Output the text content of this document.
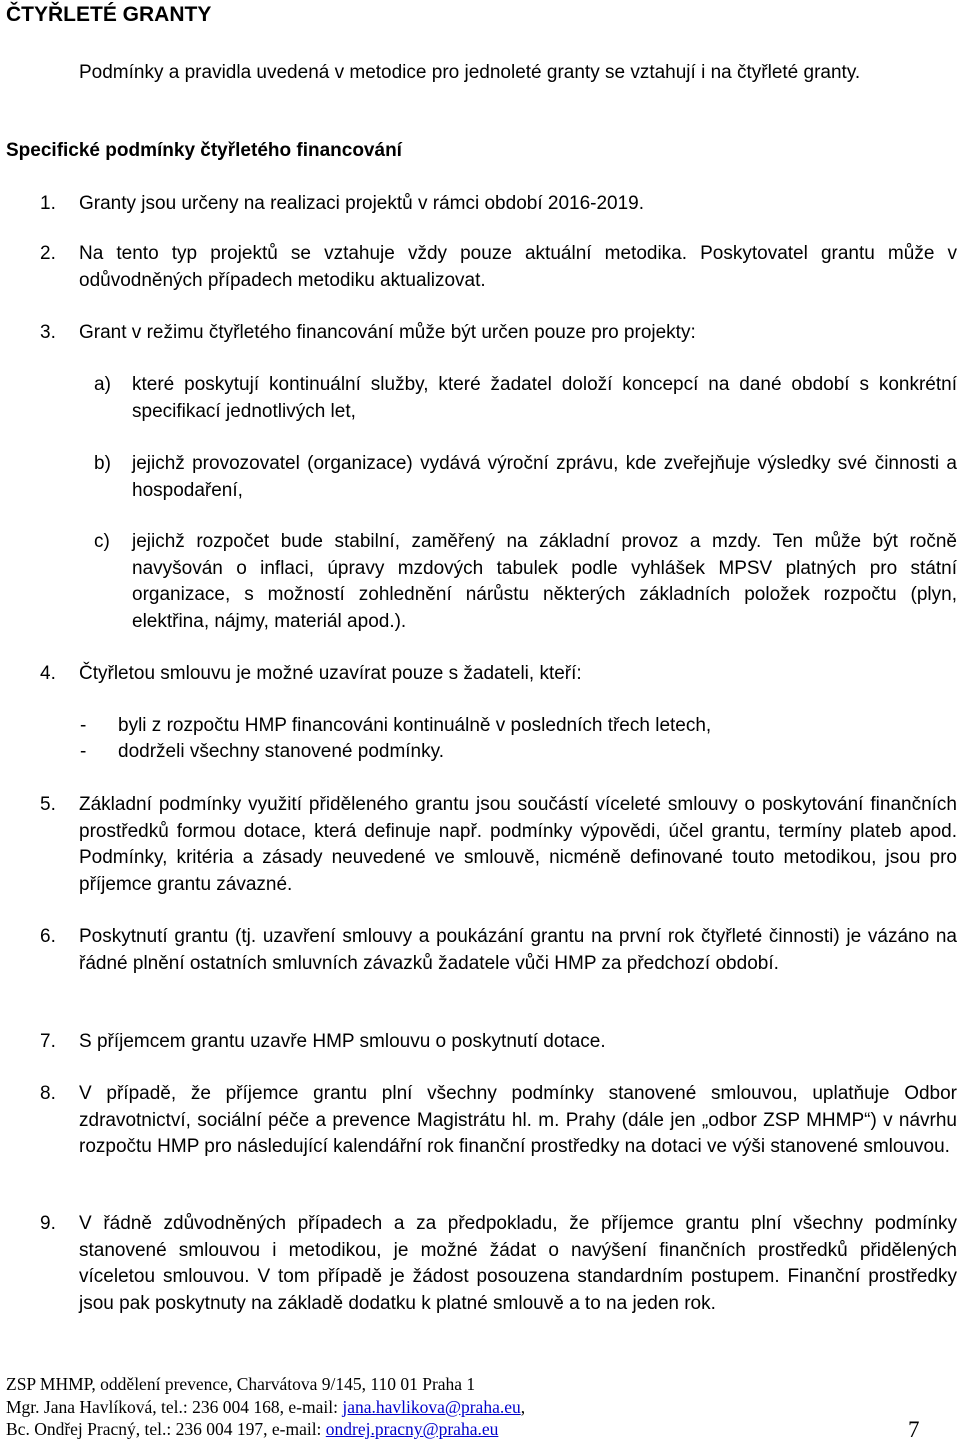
ČTYŘLETÉ GRANTY
Podmínky a pravidla uvedená v metodice pro jednoleté granty se vztahují i na čtyřleté granty.
Specifické podmínky čtyřletého financování
1. Granty jsou určeny na realizaci projektů v rámci období 2016-2019.
2. Na tento typ projektů se vztahuje vždy pouze aktuální metodika. Poskytovatel grantu může v odůvodněných případech metodiku aktualizovat.
3. Grant v režimu čtyřletého financování může být určen pouze pro projekty:
a) které poskytují kontinuální služby, které žadatel doloží koncepcí na dané období s konkrétní specifikací jednotlivých let,
b) jejichž provozovatel (organizace) vydává výroční zprávu, kde zveřejňuje výsledky své činnosti a hospodaření,
c) jejichž rozpočet bude stabilní, zaměřený na základní provoz a mzdy. Ten může být ročně navyšován o inflaci, úpravy mzdových tabulek podle vyhlášek MPSV platných pro státní organizace, s možností zohlednění nárůstu některých základních položek rozpočtu (plyn, elektřina, nájmy, materiál apod.).
4. Čtyřletou smlouvu je možné uzavírat pouze s žadateli, kteří:
- byli z rozpočtu HMP financováni kontinuálně v posledních třech letech,
- dodrželi všechny stanovené podmínky.
5. Základní podmínky využití přiděleného grantu jsou součástí víceleté smlouvy o poskytování finančních prostředků formou dotace, která definuje např. podmínky výpovědi, účel grantu, termíny plateb apod. Podmínky, kritéria a zásady neuvedené ve smlouvě, nicméně definované touto metodikou, jsou pro příjemce grantu závazné.
6. Poskytnutí grantu (tj. uzavření smlouvy a poukázání grantu na první rok čtyřleté činnosti) je vázáno na řádné plnění ostatních smluvních závazků žadatele vůči HMP za předchozí období.
7. S příjemcem grantu uzavře HMP smlouvu o poskytnutí dotace.
8. V případě, že příjemce grantu plní všechny podmínky stanovené smlouvou, uplatňuje Odbor zdravotnictví, sociální péče a prevence Magistrátu hl. m. Prahy (dále jen „odbor ZSP MHMP“) v návrhu rozpočtu HMP pro následující kalendářní rok finanční prostředky na dotaci ve výši stanovené smlouvou.
9. V řádně zdůvodněných případech a za předpokladu, že příjemce grantu plní všechny podmínky stanovené smlouvou i metodikou, je možné žádat o navýšení finančních prostředků přidělených víceletou smlouvou. V tom případě je žádost posouzena standardním postupem. Finanční prostředky jsou pak poskytnuty na základě dodatku k platné smlouvě a to na jeden rok.
ZSP MHMP, oddělení prevence, Charvátova 9/145, 110 01 Praha 1
Mgr. Jana Havlíková, tel.: 236 004 168, e-mail: jana.havlikova@praha.eu,
Bc. Ondřej Pracný, tel.: 236 004 197, e-mail: ondrej.pracny@praha.eu	7
